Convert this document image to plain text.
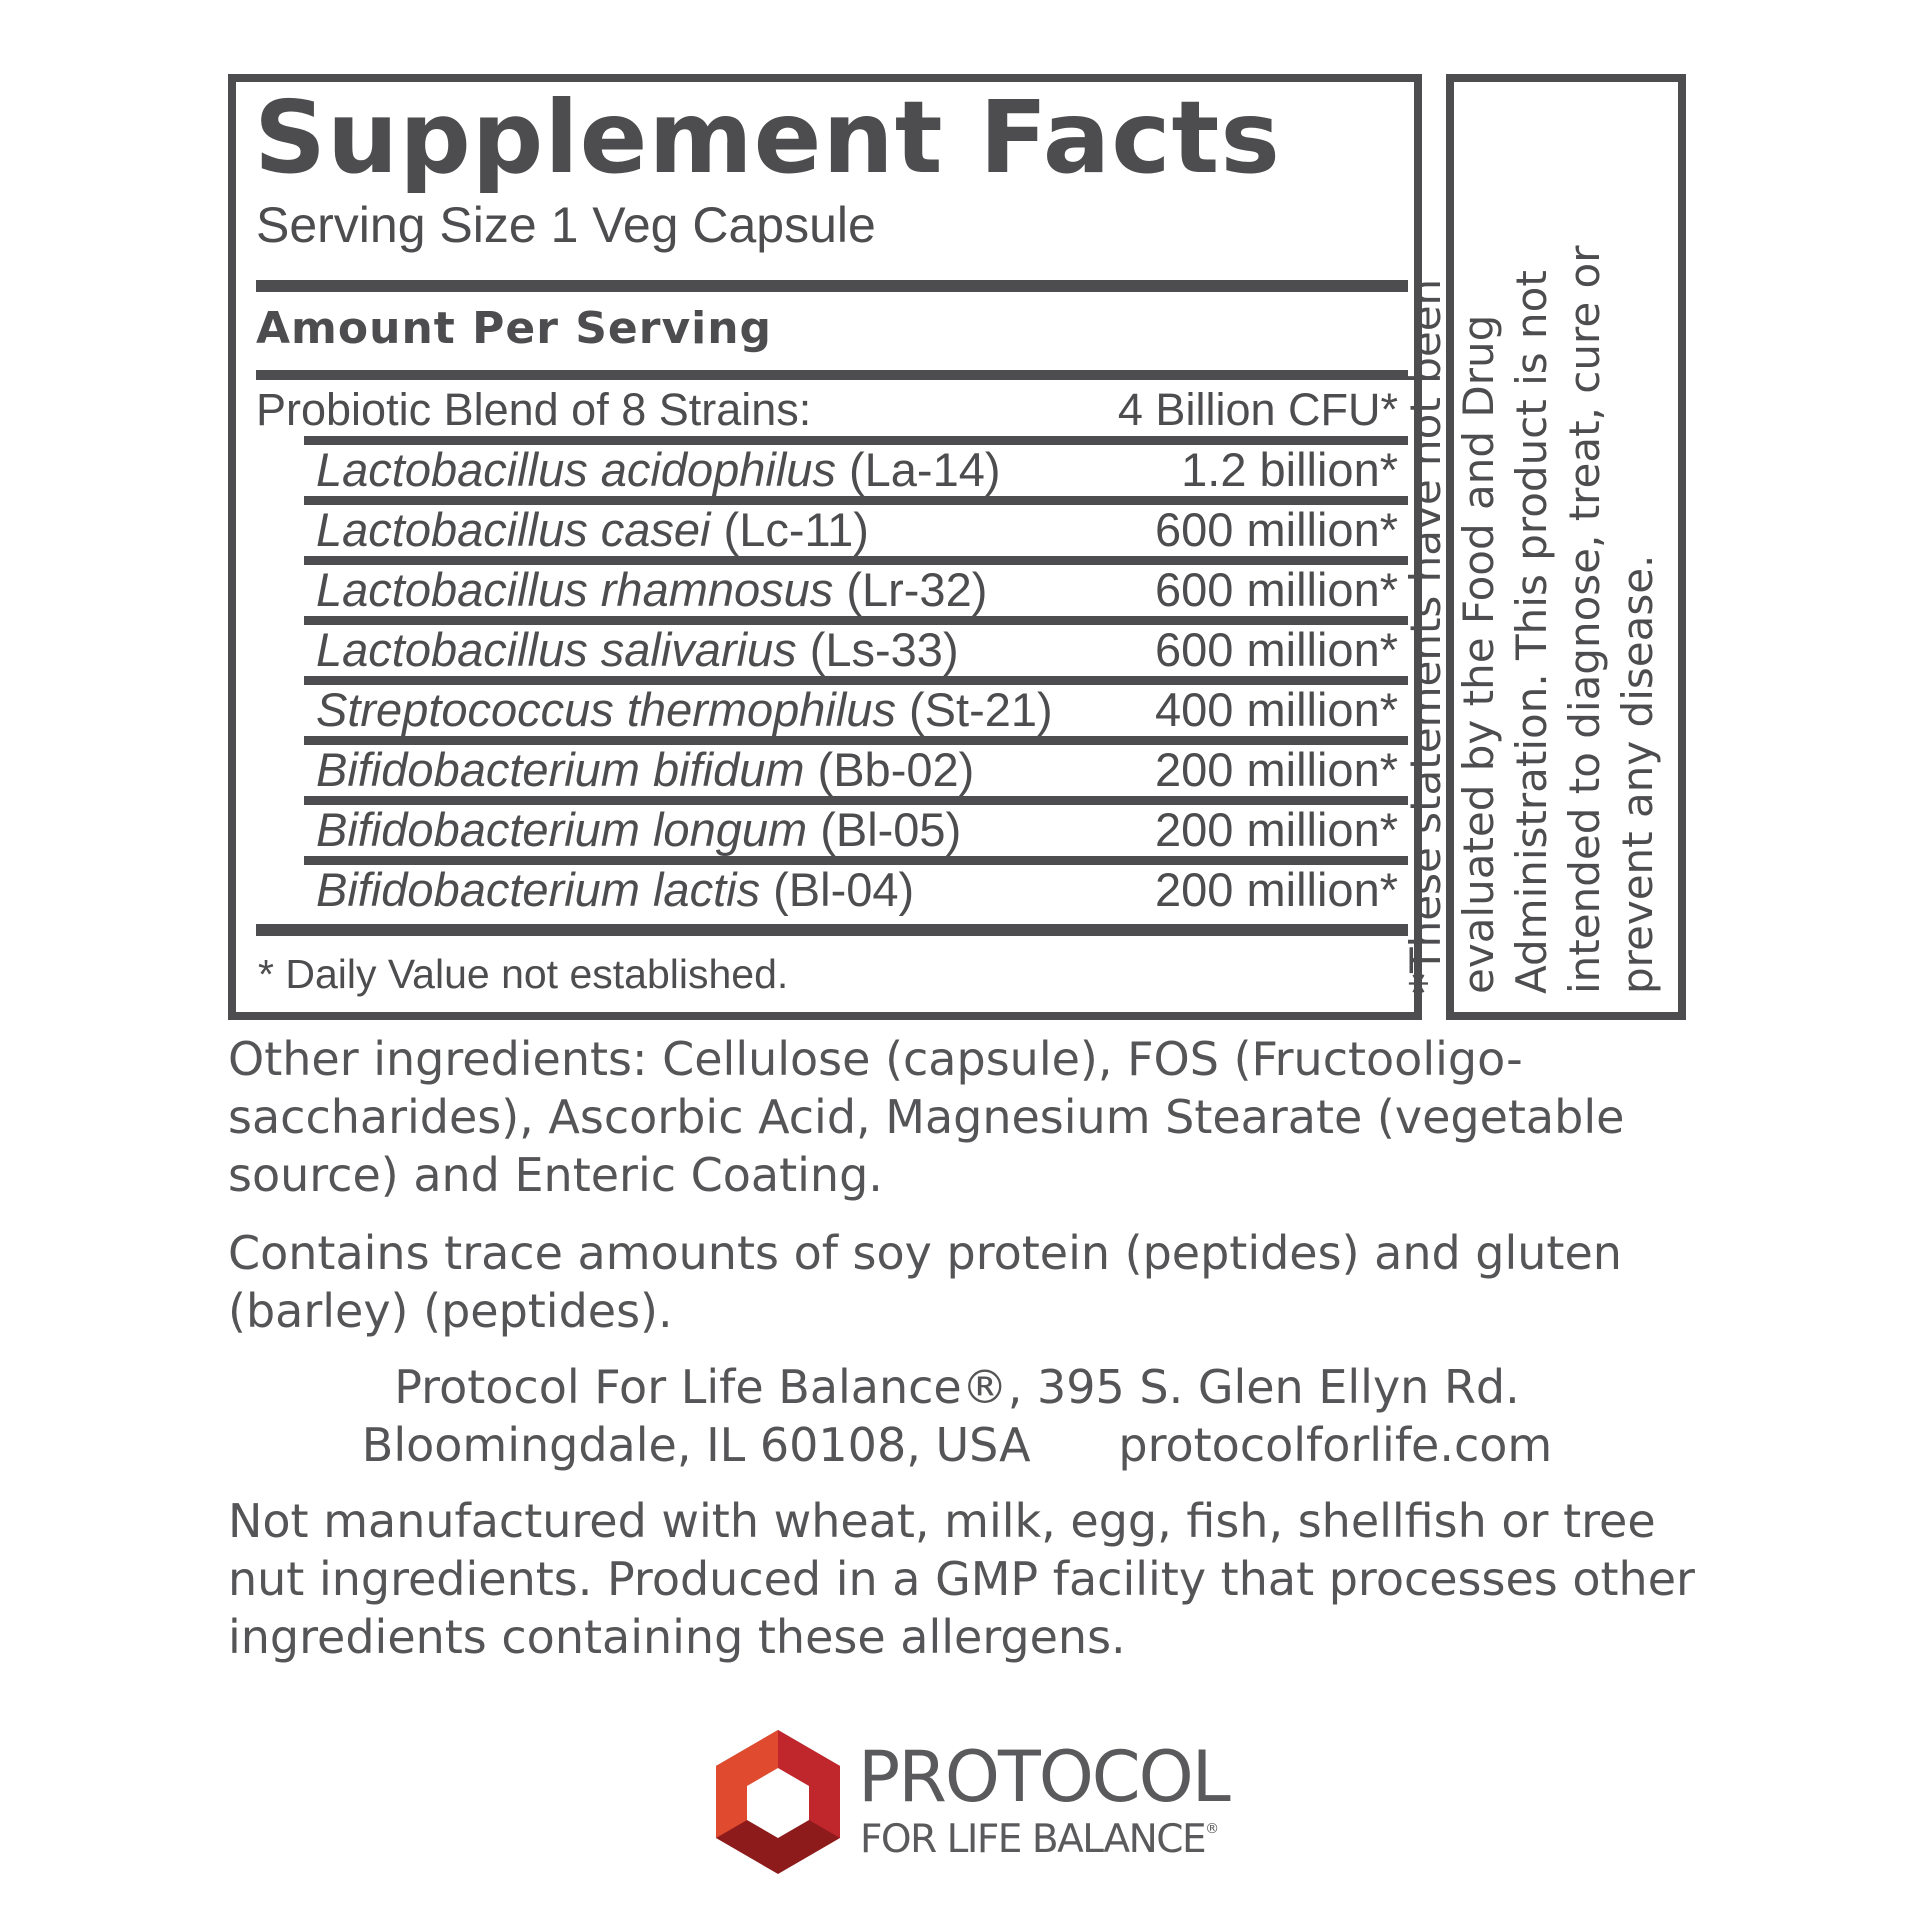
Supplement Facts
Serving Size 1 Veg Capsule
Amount Per Serving
Probiotic Blend of 8 Strains:	4 Billion CFU*
Lactobacillus acidophilus (La-14)	1.2 billion*
Lactobacillus casei (Lc-11)	600 million*
Lactobacillus rhamnosus (Lr-32)	600 million*
Lactobacillus salivarius (Ls-33)	600 million*
Streptococcus thermophilus (St-21) 400 million*
Bifidobacterium bifidum (Bb-02)	200 million*
Bifidobacterium longum (Bl-05)	200 million*
Bifidobacterium lactis (Bl-04)	200 million*
* Daily Value not established.	*These statements have not been evaluated by the Food and Drug Administration. This product is not intended to diagnose, treat, cure or prevent any disease.
Other ingredients: Cellulose (capsule), FOS (Fructooligo-saccharides), Ascorbic Acid, Magnesium Stearate (vegetable source) and Enteric Coating.
Contains trace amounts of soy protein (peptides) and gluten (barley) (peptides).
Protocol For Life Balance®, 395 S. Glen Ellyn Rd.
Bloomingdale, IL 60108, USA protocolforlife.com
Not manufactured with wheat, milk, egg, fish, shellfish or tree nut ingredients. Produced in a GMP facility that processes other ingredients containing these allergens.
PROTOCOL
FOR LIFE BALANCE®
